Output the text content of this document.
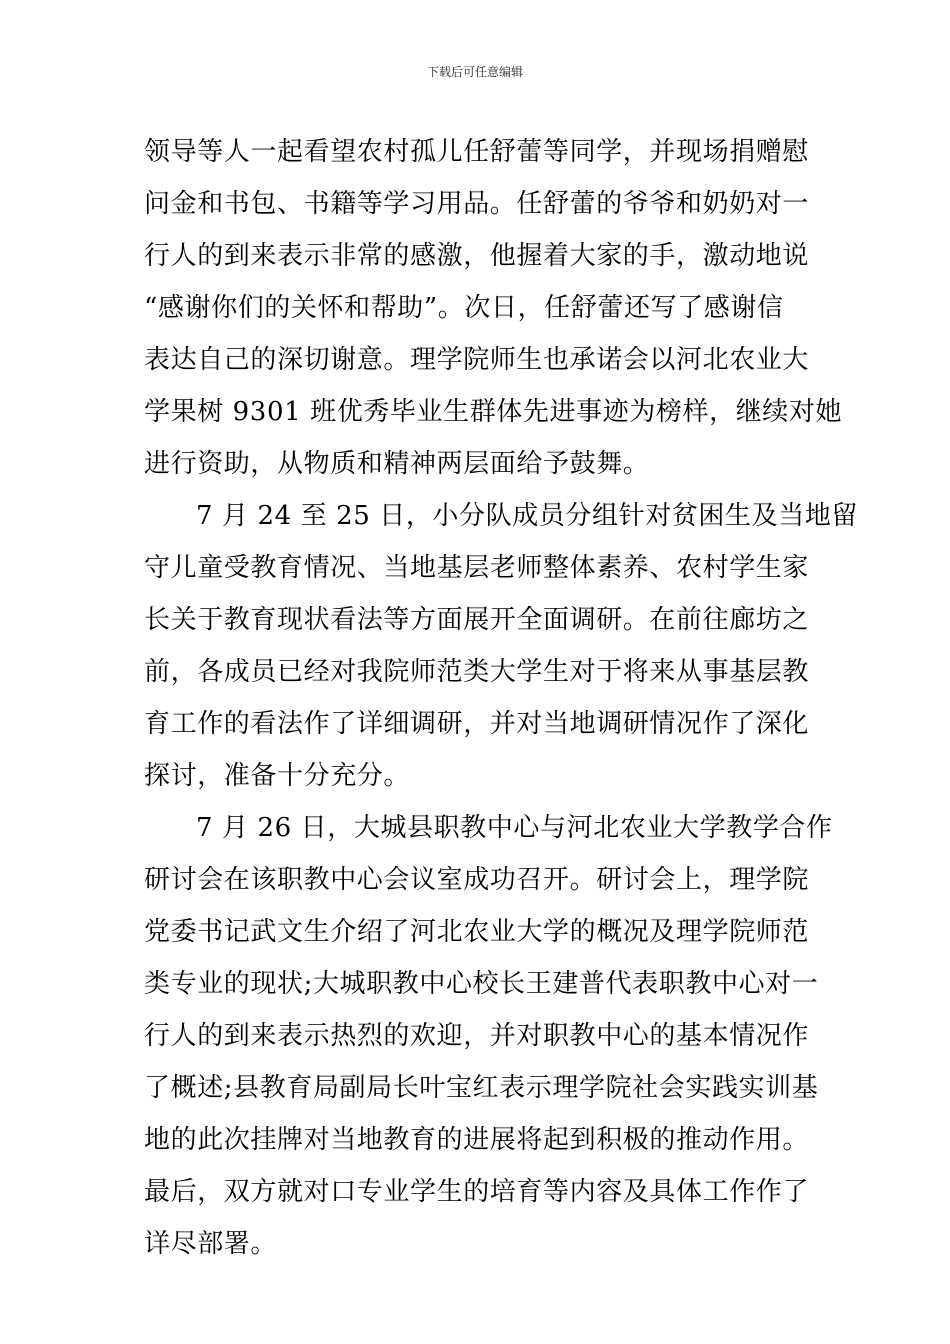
下载后可任意编辑
领导等人一起看望农村孤儿任舒蕾等同学，并现场捐赠慰
问金和书包、书籍等学习用品。任舒蕾的爷爷和奶奶对一
行人的到来表示非常的感激，他握着大家的手，激动地说
“感谢你们的关怀和帮助”。次日，任舒蕾还写了感谢信
表达自己的深切谢意。理学院师生也承诺会以河北农业大
学果树 9301 班优秀毕业生群体先进事迹为榜样，继续对她
进行资助，从物质和精神两层面给予鼓舞。
7 月 24 至 25 日，小分队成员分组针对贫困生及当地留
守儿童受教育情况、当地基层老师整体素养、农村学生家
长关于教育现状看法等方面展开全面调研。在前往廊坊之
前，各成员已经对我院师范类大学生对于将来从事基层教
育工作的看法作了详细调研，并对当地调研情况作了深化
探讨，准备十分充分。
7 月 26 日，大城县职教中心与河北农业大学教学合作
研讨会在该职教中心会议室成功召开。研讨会上，理学院
党委书记武文生介绍了河北农业大学的概况及理学院师范
类专业的现状;大城职教中心校长王建普代表职教中心对一
行人的到来表示热烈的欢迎，并对职教中心的基本情况作
了概述;县教育局副局长叶宝红表示理学院社会实践实训基
地的此次挂牌对当地教育的进展将起到积极的推动作用。
最后，双方就对口专业学生的培育等内容及具体工作作了
详尽部署。
